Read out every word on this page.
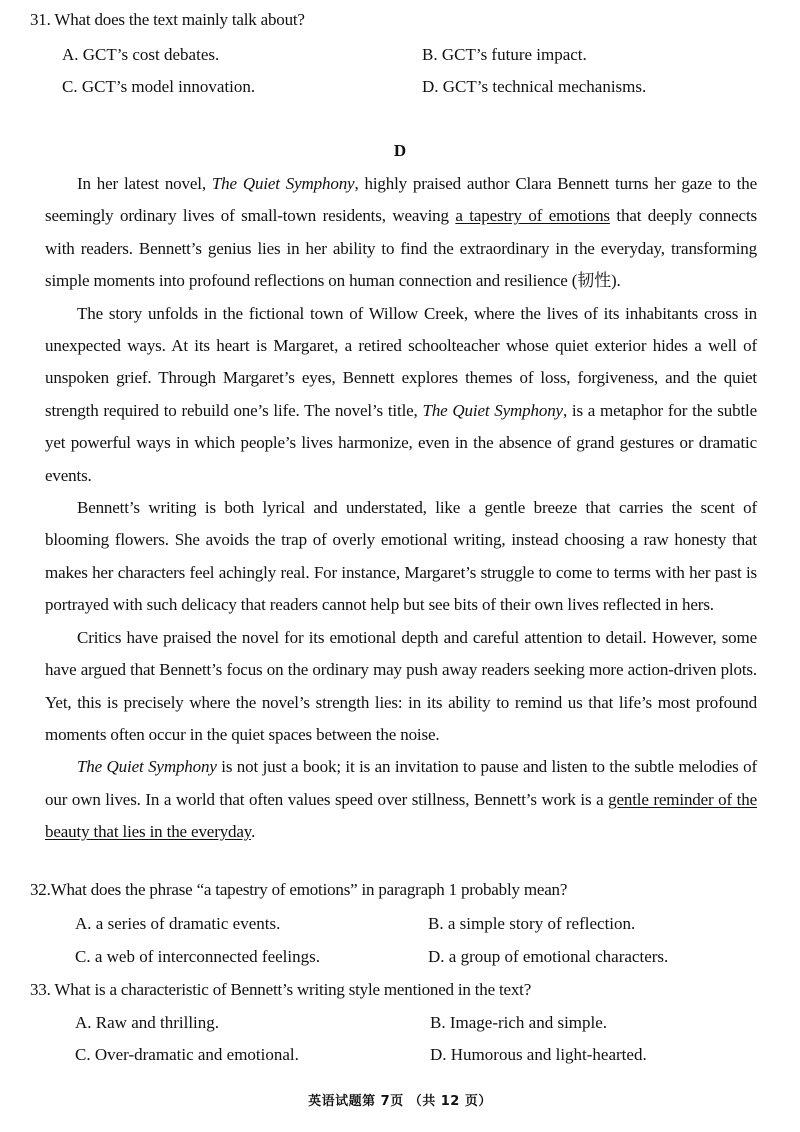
31. What does the text mainly talk about?
A. GCT’s cost debates.	B. GCT’s future impact.
C. GCT’s model innovation.	D. GCT’s technical mechanisms.
D

In her latest novel, The Quiet Symphony, highly praised author Clara Bennett turns her gaze to the seemingly ordinary lives of small-town residents, weaving a tapestry of emotions that deeply connects with readers. Bennett’s genius lies in her ability to find the extraordinary in the everyday, transforming simple moments into profound reflections on human connection and resilience (韧性).

The story unfolds in the fictional town of Willow Creek, where the lives of its inhabitants cross in unexpected ways. At its heart is Margaret, a retired schoolteacher whose quiet exterior hides a well of unspoken grief. Through Margaret’s eyes, Bennett explores themes of loss, forgiveness, and the quiet strength required to rebuild one’s life. The novel’s title, The Quiet Symphony, is a metaphor for the subtle yet powerful ways in which people’s lives harmonize, even in the absence of grand gestures or dramatic events.

Bennett’s writing is both lyrical and understated, like a gentle breeze that carries the scent of blooming flowers. She avoids the trap of overly emotional writing, instead choosing a raw honesty that makes her characters feel achingly real. For instance, Margaret’s struggle to come to terms with her past is portrayed with such delicacy that readers cannot help but see bits of their own lives reflected in hers.

Critics have praised the novel for its emotional depth and careful attention to detail. However, some have argued that Bennett’s focus on the ordinary may push away readers seeking more action-driven plots. Yet, this is precisely where the novel’s strength lies: in its ability to remind us that life’s most profound moments often occur in the quiet spaces between the noise.

The Quiet Symphony is not just a book; it is an invitation to pause and listen to the subtle melodies of our own lives. In a world that often values speed over stillness, Bennett’s work is a gentle reminder of the beauty that lies in the everyday.

32.What does the phrase “a tapestry of emotions” in paragraph 1 probably mean?
A. a series of dramatic events.	B. a simple story of reflection.
C. a web of interconnected feelings.	D. a group of emotional characters.
33. What is a characteristic of Bennett’s writing style mentioned in the text?
A. Raw and thrilling.	B. Image-rich and simple.
C. Over-dramatic and emotional.	D. Humorous and light-hearted.
英语试题第 7页 （共 12 页）
